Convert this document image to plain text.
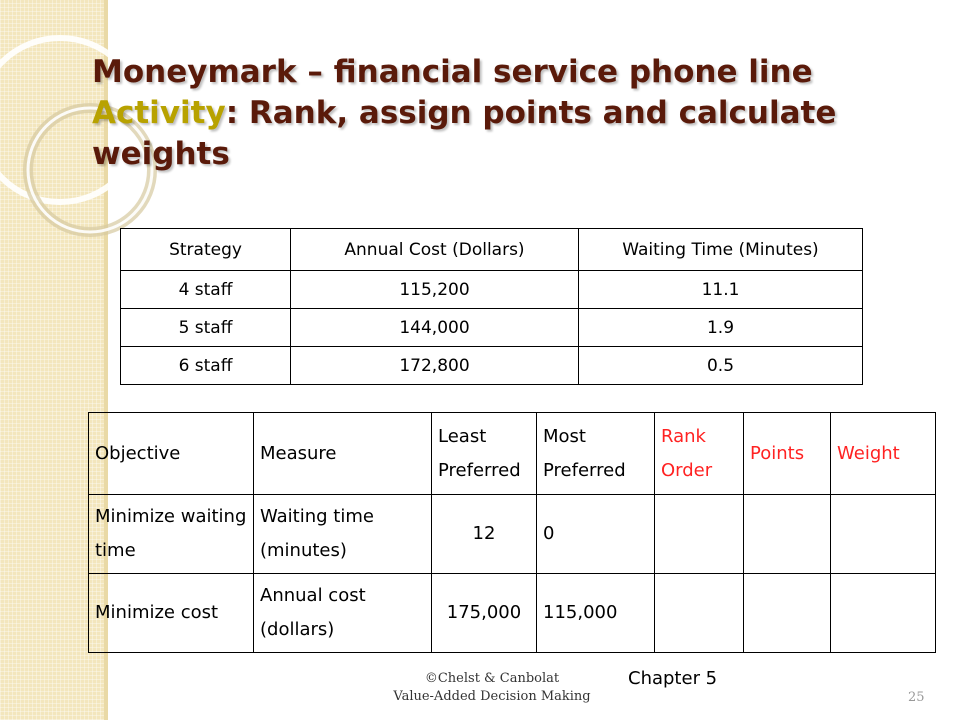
Moneymark – financial service phone line
Activity: Rank, assign points and calculate weights
Strategy	Annual Cost (Dollars)	Waiting Time (Minutes)
4 staff	115,200	11.1
5 staff	144,000	1.9
6 staff	172,800	0.5
Objective	Measure	Least Preferred	Most Preferred	Rank Order	Points	Weight
Minimize waiting time	Waiting time (minutes)	12	0			
Minimize cost	Annual cost (dollars)	175,000	115,000			
©Chelst & Canbolat
Value-Added Decision Making
Chapter 5
25
